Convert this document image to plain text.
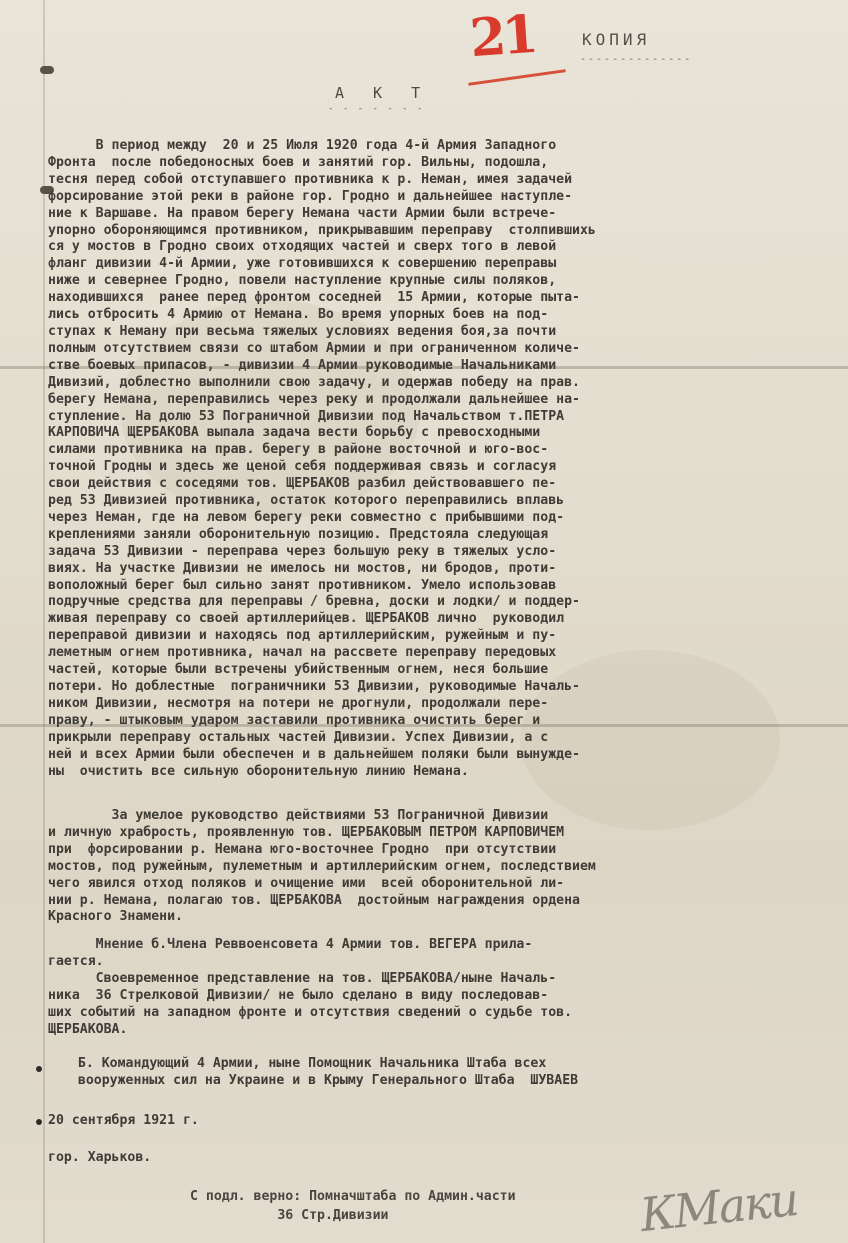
21	КОПИЯ
--------------
А К Т
- - - - - - -
В период между  20 и 25 Июля 1920 года 4-й Армия Западного
Фронта  после победоносных боев и занятий гор. Вильны, подошла,
тесня перед собой отступавшего противника к р. Неман, имея задачей
форсирование этой реки в районе гор. Гродно и дальнейшее наступле-
ние к Варшаве. На правом берегу Немана части Армии были встрече-
упорно обороняющимся противником, прикрывавшим переправу  столпившихь
ся у мостов в Гродно своих отходящих частей и сверх того в левой
фланг дивизии 4-й Армии, уже готовившихся к совершению переправы
ниже и севернее Гродно, повели наступление крупные силы поляков,
находившихся  ранее перед фронтом соседней  15 Армии, которые пыта-
лись отбросить 4 Армию от Немана. Во время упорных боев на под-
ступах к Неману при весьма тяжелых условиях ведения боя,за почти
полным отсутствием связи со штабом Армии и при ограниченном количе-
стве боевых припасов, - дивизии 4 Армии руководимые Начальниками
Дивизий, доблестно выполнили свою задачу, и одержав победу на прав.
берегу Немана, переправились через реку и продолжали дальнейшее на-
ступление. На долю 53 Пограничной Дивизии под Начальством т.ПЕТРА
КАРПОВИЧА ЩЕРБАКОВА выпала задача вести борьбу с превосходными
силами противника на прав. берегу в районе восточной и юго-вос-
точной Гродны и здесь же ценой себя поддерживая связь и согласуя
свои действия с соседями тов. ЩЕРБАКОВ разбил действовавшего пе-
ред 53 Дивизией противника, остаток которого переправились вплавь
через Неман, где на левом берегу реки совместно с прибывшими под-
креплениями заняли оборонительную позицию. Предстояла следующая
задача 53 Дивизии - переправа через большую реку в тяжелых усло-
виях. На участке Дивизии не имелось ни мостов, ни бродов, проти-
воположный берег был сильно занят противником. Умело использовав
подручные средства для переправы / бревна, доски и лодки/ и поддер-
живая переправу со своей артиллерийцев. ЩЕРБАКОВ лично  руководил
переправой дивизии и находясь под артиллерийским, ружейным и пу-
леметным огнем противника, начал на рассвете переправу передовых
частей, которые были встречены убийственным огнем, неся большие
потери. Но доблестные  пограничники 53 Дивизии, руководимые Началь-
ником Дивизии, несмотря на потери не дрогнули, продолжали пере-
праву, - штыковым ударом заставили противника очистить берег и
прикрыли переправу остальных частей Дивизии. Успех Дивизии, а с
ней и всех Армии были обеспечен и в дальнейшем поляки были вынужде-
ны  очистить все сильную оборонительную линию Немана.
За умелое руководство действиями 53 Пограничной Дивизии
и личную храбрость, проявленную тов. ЩЕРБАКОВЫМ ПЕТРОМ КАРПОВИЧЕМ
при  форсировании р. Немана юго-восточнее Гродно  при отсутствии
мостов, под ружейным, пулеметным и артиллерийским огнем, последствием
чего явился отход поляков и очищение ими  всей оборонительной ли-
нии р. Немана, полагаю тов. ЩЕРБАКОВА  достойным награждения ордена
Красного Знамени.
Мнение б.Члена Реввоенсовета 4 Армии тов. ВЕГЕРА прила-
гается.
Своевременное представление на тов. ЩЕРБАКОВА/ныне Началь-
ника  36 Стрелковой Дивизии/ не было сделано в виду последовав-
ших событий на западном фронте и отсутствия сведений о судьбе тов.
ЩЕРБАКОВА.
Б. Командующий 4 Армии, ныне Помощник Начальника Штаба всех
вооруженных сил на Украине и в Крыму Генерального Штаба  ШУВАЕВ
20 сентября 1921 г.
гор. Харьков.
С подл. верно: Помначштаба по Админ.части
36 Стр.Дивизии	КМаки
